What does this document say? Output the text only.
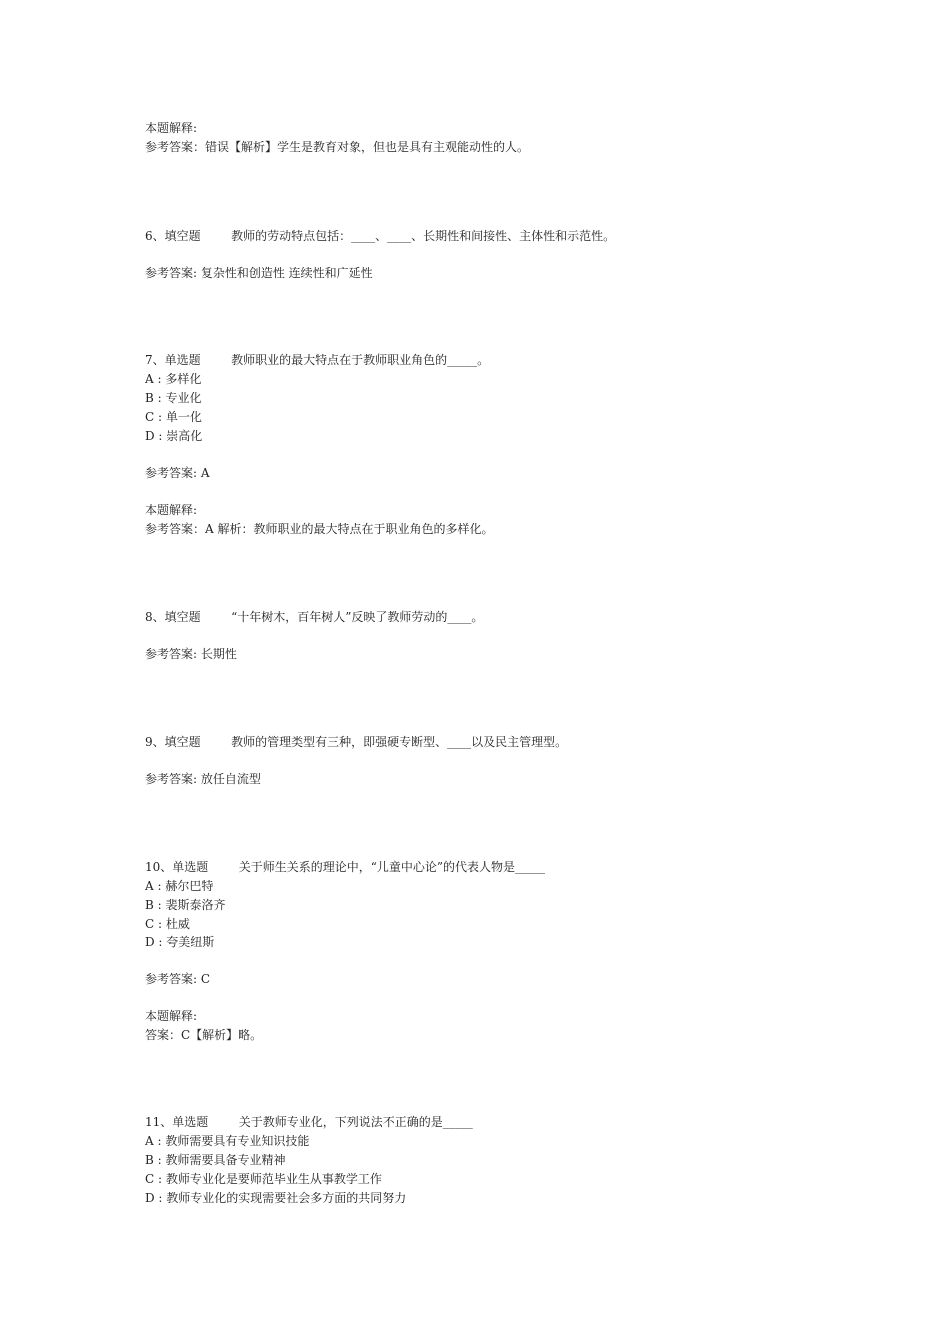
本题解释:
参考答案：错误【解析】学生是教育对象，但也是具有主观能动性的人。
6、填空题        教师的劳动特点包括：____、____、长期性和间接性、主体性和示范性。
参考答案: 复杂性和创造性 连续性和广延性
7、单选题        教师职业的最大特点在于教师职业角色的_____。
A : 多样化
B : 专业化
C : 单一化
D : 崇高化
参考答案: A
本题解释:
参考答案：A 解析：教师职业的最大特点在于职业角色的多样化。
8、填空题        “十年树木，百年树人”反映了教师劳动的____。
参考答案: 长期性
9、填空题        教师的管理类型有三种，即强硬专断型、____以及民主管理型。
参考答案: 放任自流型
10、单选题        关于师生关系的理论中，“儿童中心论”的代表人物是_____
A : 赫尔巴特
B : 裴斯泰洛齐
C : 杜威
D : 夸美纽斯
参考答案: C
本题解释:
答案：C【解析】略。
11、单选题        关于教师专业化，下列说法不正确的是_____
A : 教师需要具有专业知识技能
B : 教师需要具备专业精神
C : 教师专业化是要师范毕业生从事教学工作
D : 教师专业化的实现需要社会多方面的共同努力
